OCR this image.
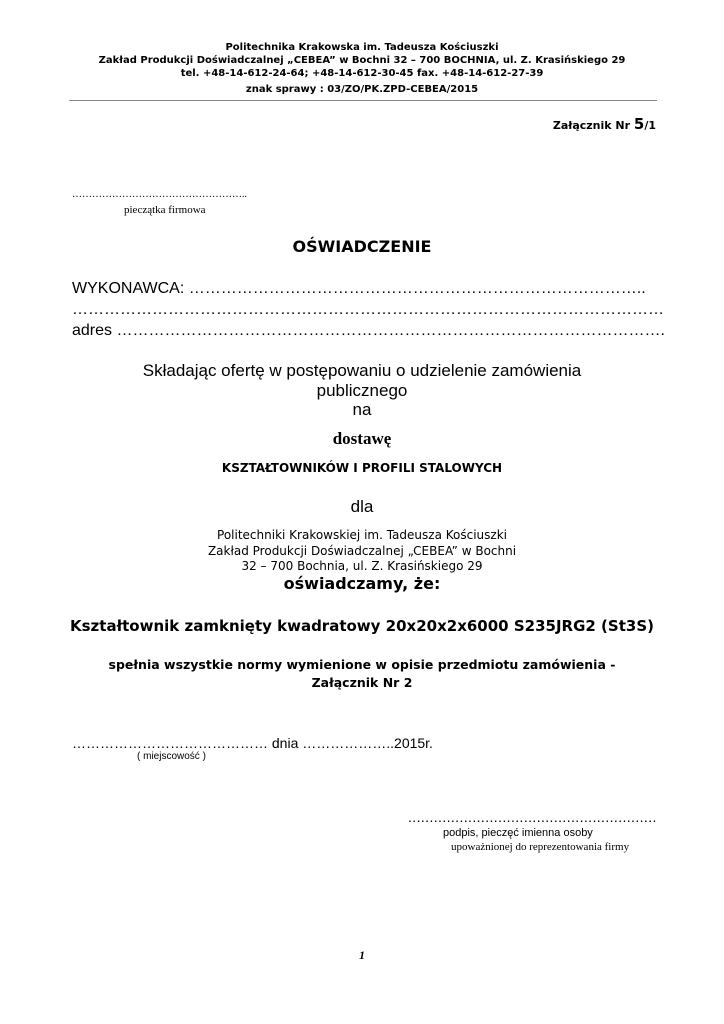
Politechnika Krakowska im. Tadeusza Kościuszki
Zakład Produkcji Doświadczalnej „CEBEA” w Bochni 32 – 700 BOCHNIA, ul. Z. Krasińskiego 29
tel. +48-14-612-24-64; +48-14-612-30-45 fax. +48-14-612-27-39
znak sprawy : 03/ZO/PK.ZPD-CEBEA/2015
Załącznik Nr 5/1
……………………………………………..
pieczątka firmowa
OŚWIADCZENIE
WYKONAWCA: …………………………………………………………………………..
…………………………………………………………………………………………………
adres ………………………………………………………………………………………….
Składając ofertę w postępowaniu o udzielenie zamówienia
publicznego
na
dostawę
KSZTAŁTOWNIKÓW I PROFILI STALOWYCH
dla
Politechniki Krakowskiej im. Tadeusza Kościuszki
Zakład Produkcji Doświadczalnej „CEBEA” w Bochni
32 – 700 Bochnia, ul. Z. Krasińskiego 29
oświadczamy, że:
Kształtownik zamknięty kwadratowy 20x20x2x6000 S235JRG2 (St3S)
spełnia wszystkie normy wymienione w opisie przedmiotu zamówienia -
Załącznik Nr 2
…………………………………… dnia ………………..2015r.
( miejscowość )
..........................................................
podpis, pieczęć imienna osoby
upoważnionej do reprezentowania firmy
1
